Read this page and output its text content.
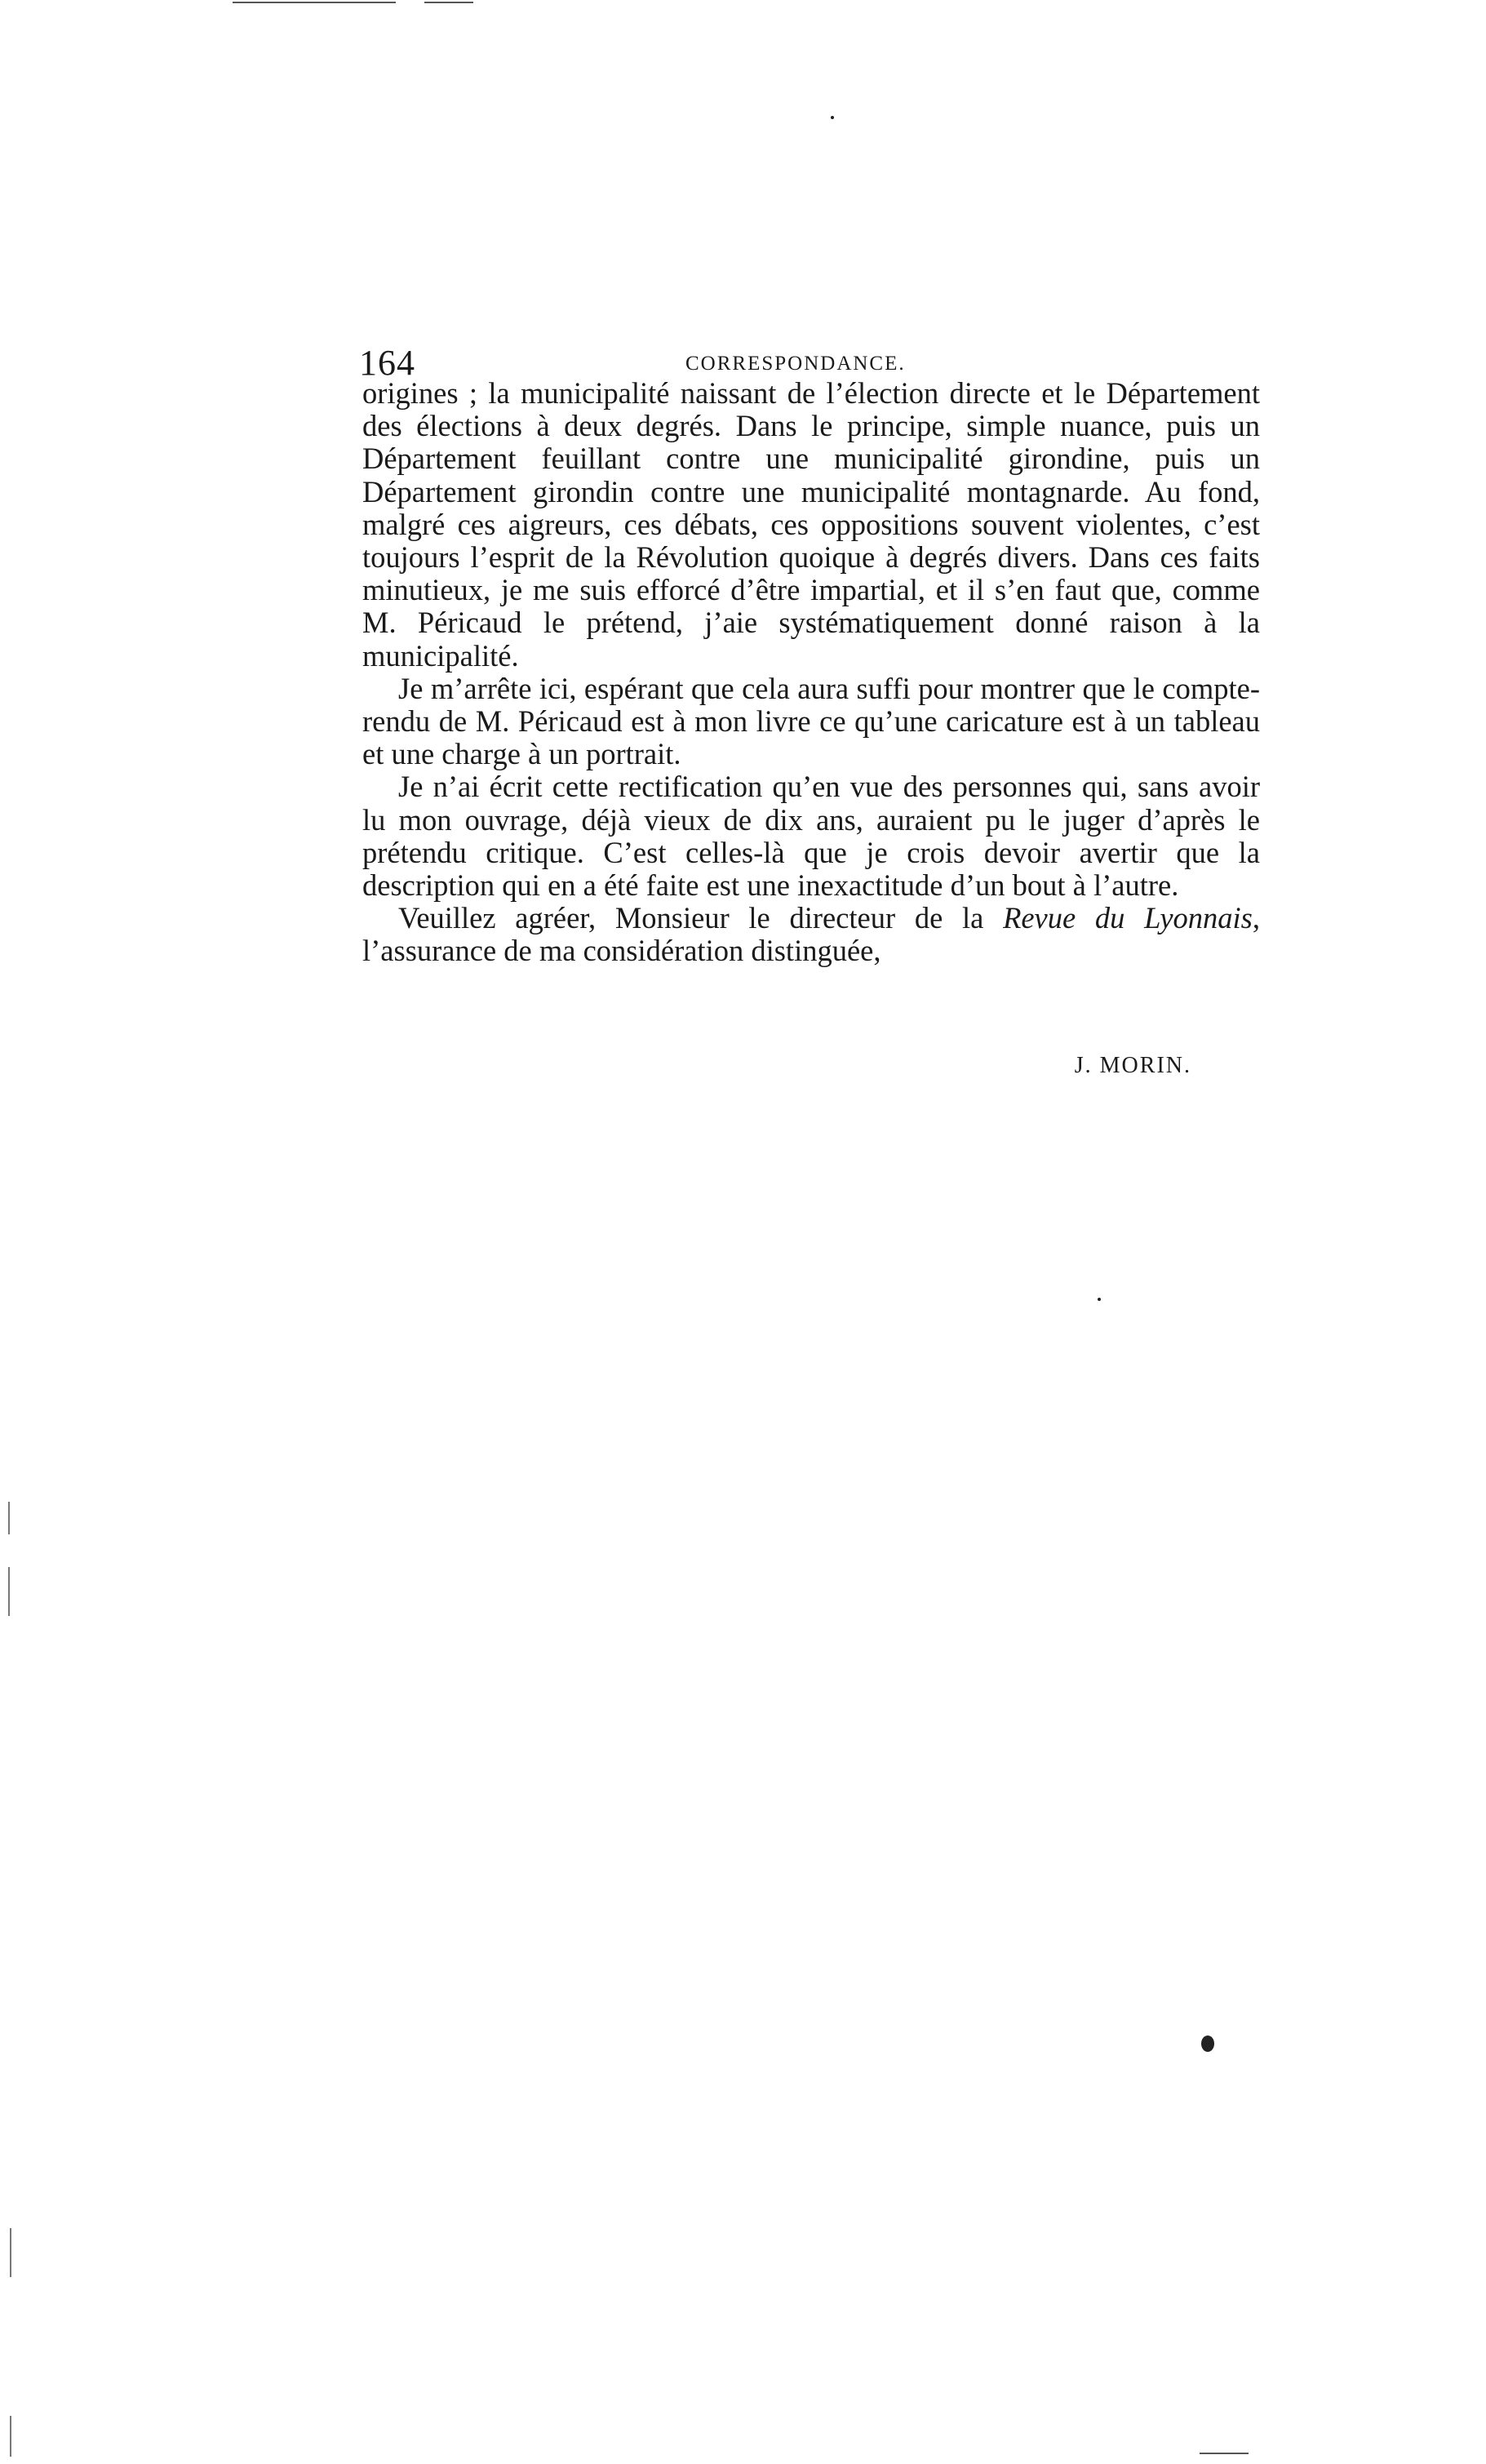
164	CORRESPONDANCE.

origines ; la municipalité naissant de l’élection directe et le Département des élections à deux degrés. Dans le principe, simple nuance, puis un Département feuillant contre une municipalité girondine, puis un Département girondin contre une municipalité montagnarde. Au fond, malgré ces aigreurs, ces débats, ces oppositions souvent violentes, c’est toujours l’esprit de la Révolution quoique à degrés divers. Dans ces faits minutieux, je me suis efforcé d’être impartial, et il s’en faut que, comme M. Péricaud le prétend, j’aie systématiquement donné raison à la municipalité.

Je m’arrête ici, espérant que cela aura suffi pour montrer que le compte-rendu de M. Péricaud est à mon livre ce qu’une caricature est à un tableau et une charge à un portrait.

Je n’ai écrit cette rectification qu’en vue des personnes qui, sans avoir lu mon ouvrage, déjà vieux de dix ans, auraient pu le juger d’après le prétendu critique. C’est celles-là que je crois devoir avertir que la description qui en a été faite est une inexactitude d’un bout à l’autre.

Veuillez agréer, Monsieur le directeur de la Revue du Lyonnais, l’assurance de ma considération distinguée,

J. MORIN.
